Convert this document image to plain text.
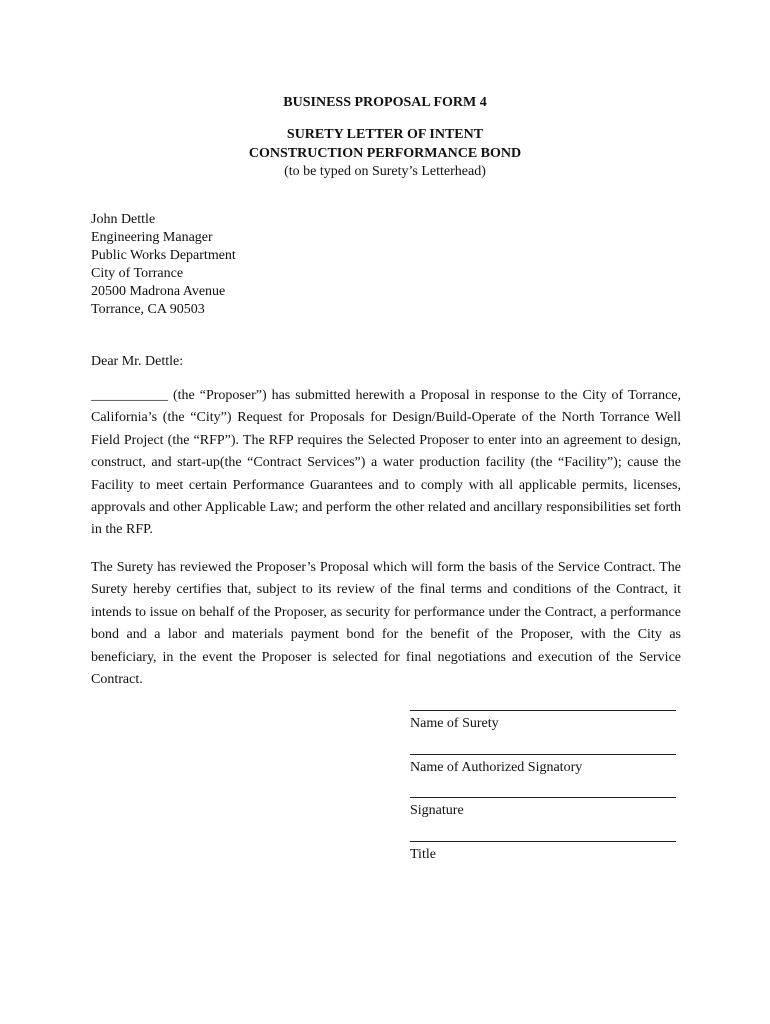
BUSINESS PROPOSAL FORM 4
SURETY LETTER OF INTENT
CONSTRUCTION PERFORMANCE BOND
(to be typed on Surety’s Letterhead)
John Dettle
Engineering Manager
Public Works Department
City of Torrance
20500 Madrona Avenue
Torrance, CA 90503
Dear Mr. Dettle:
___________ (the “Proposer”) has submitted herewith a Proposal in response to the City of Torrance, California’s (the “City”) Request for Proposals for Design/Build-Operate of the North Torrance Well Field Project (the “RFP”). The RFP requires the Selected Proposer to enter into an agreement to design, construct, and start-up(the “Contract Services”) a water production facility (the “Facility”); cause the Facility to meet certain Performance Guarantees and to comply with all applicable permits, licenses, approvals and other Applicable Law; and perform the other related and ancillary responsibilities set forth in the RFP.
The Surety has reviewed the Proposer’s Proposal which will form the basis of the Service Contract. The Surety hereby certifies that, subject to its review of the final terms and conditions of the Contract, it intends to issue on behalf of the Proposer, as security for performance under the Contract, a performance bond and a labor and materials payment bond for the benefit of the Proposer, with the City as beneficiary, in the event the Proposer is selected for final negotiations and execution of the Service Contract.
Name of Surety
Name of Authorized Signatory
Signature
Title
